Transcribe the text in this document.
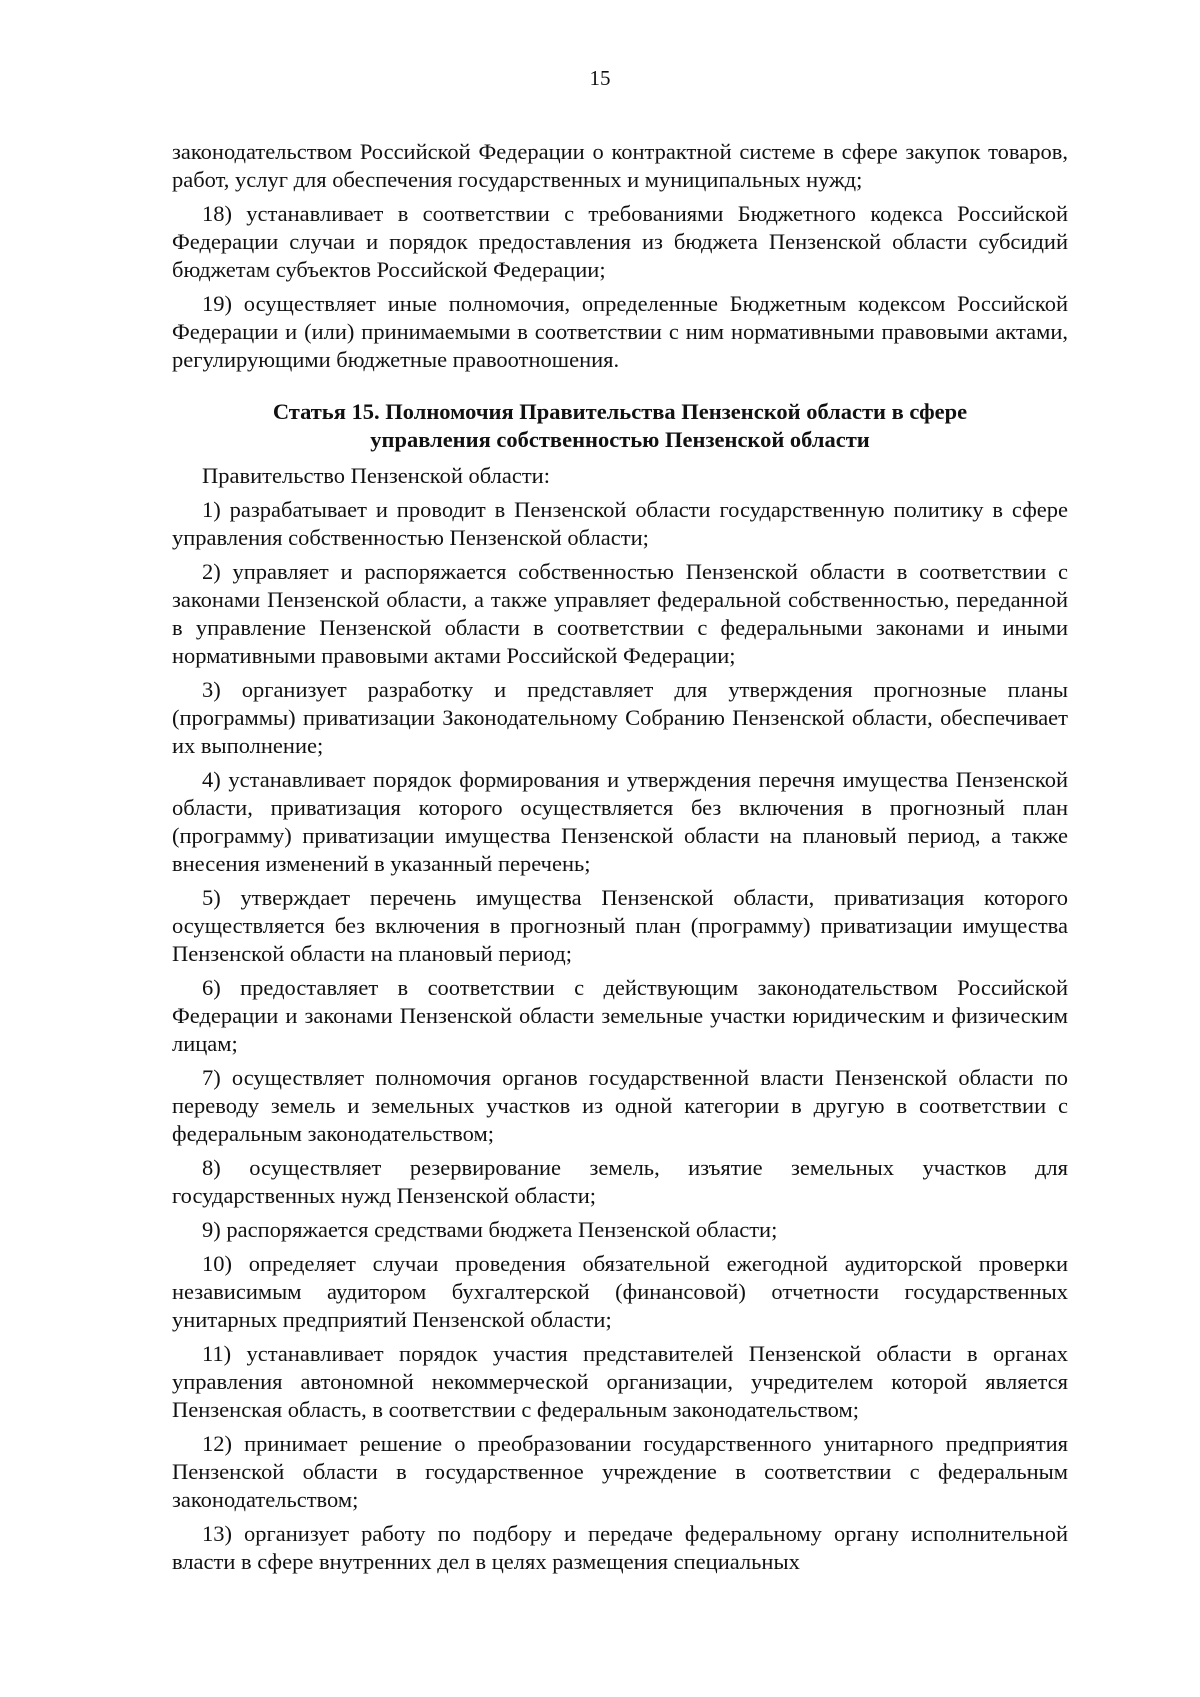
15

законодательством Российской Федерации о контрактной системе в сфере закупок товаров, работ, услуг для обеспечения государственных и муниципальных нужд;

18) устанавливает в соответствии с требованиями Бюджетного кодекса Российской Федерации случаи и порядок предоставления из бюджета Пензенской области субсидий бюджетам субъектов Российской Федерации;

19) осуществляет иные полномочия, определенные Бюджетным кодексом Российской Федерации и (или) принимаемыми в соответствии с ним нормативными правовыми актами, регулирующими бюджетные правоотношения.

Статья 15. Полномочия Правительства Пензенской области в сфере
управления собственностью Пензенской области

Правительство Пензенской области:

1) разрабатывает и проводит в Пензенской области государственную политику в сфере управления собственностью Пензенской области;

2) управляет и распоряжается собственностью Пензенской области в соответствии с законами Пензенской области, а также управляет федеральной собственностью, переданной в управление Пензенской области в соответствии с федеральными законами и иными нормативными правовыми актами Российской Федерации;

3) организует разработку и представляет для утверждения прогнозные планы (программы) приватизации Законодательному Собранию Пензенской области, обеспечивает их выполнение;

4) устанавливает порядок формирования и утверждения перечня имущества Пензенской области, приватизация которого осуществляется без включения в прогнозный план (программу) приватизации имущества Пензенской области на плановый период, а также внесения изменений в указанный перечень;

5) утверждает перечень имущества Пензенской области, приватизация которого осуществляется без включения в прогнозный план (программу) приватизации имущества Пензенской области на плановый период;

6) предоставляет в соответствии с действующим законодательством Российской Федерации и законами Пензенской области земельные участки юридическим и физическим лицам;

7) осуществляет полномочия органов государственной власти Пензенской области по переводу земель и земельных участков из одной категории в другую в соответствии с федеральным законодательством;

8) осуществляет резервирование земель, изъятие земельных участков для государственных нужд Пензенской области;

9) распоряжается средствами бюджета Пензенской области;

10) определяет случаи проведения обязательной ежегодной аудиторской проверки независимым аудитором бухгалтерской (финансовой) отчетности государственных унитарных предприятий Пензенской области;

11) устанавливает порядок участия представителей Пензенской области в органах управления автономной некоммерческой организации, учредителем которой является Пензенская область, в соответствии с федеральным законодательством;

12) принимает решение о преобразовании государственного унитарного предприятия Пензенской области в государственное учреждение в соответствии с федеральным законодательством;

13) организует работу по подбору и передаче федеральному органу исполнительной власти в сфере внутренних дел в целях размещения специальных
